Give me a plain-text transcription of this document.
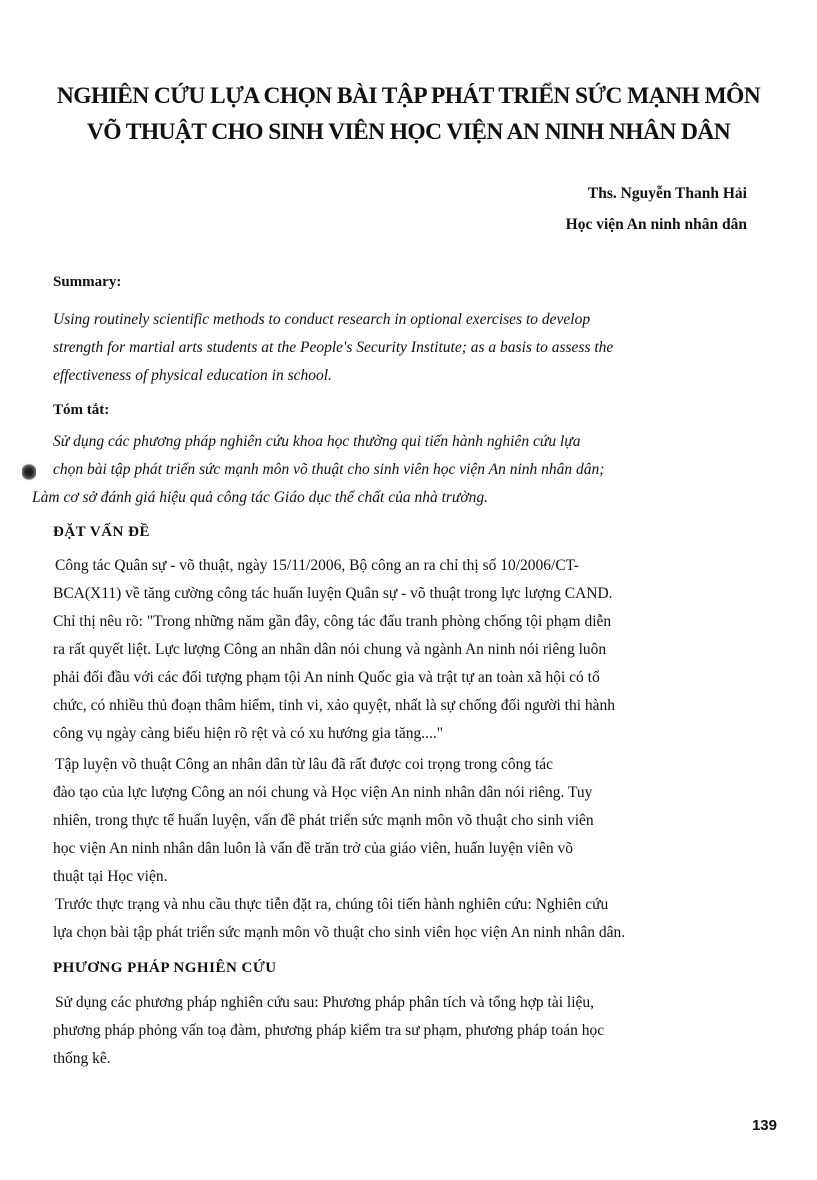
NGHIÊN CỨU LỰA CHỌN BÀI TẬP PHÁT TRIỂN SỨC MẠNH MÔN
VÕ THUẬT CHO SINH VIÊN HỌC VIỆN AN NINH NHÂN DÂN
Ths. Nguyễn Thanh Hải
Học viện An ninh nhân dân
Summary:
Using routinely scientific methods to conduct research in optional exercises to develop
strength for martial arts students at the People's Security Institute; as a basis to assess the
effectiveness of physical education in school.
Tóm tắt:
Sử dụng các phương pháp nghiên cứu khoa học thường qui tiến hành nghiên cứu lựa
chọn bài tập phát triển sức mạnh môn võ thuật cho sinh viên học viện An ninh nhân dân;
Làm cơ sở đánh giá hiệu quả công tác Giáo dục thể chất của nhà trường.
ĐẶT VẤN ĐỀ
Công tác Quân sự - võ thuật, ngày 15/11/2006, Bộ công an ra chỉ thị số 10/2006/CT-
BCA(X11) về tăng cường công tác huấn luyện Quân sự - võ thuật trong lực lượng CAND.
Chỉ thị nêu rõ: "Trong những năm gần đây, công tác đấu tranh phòng chống tội phạm diễn
ra rất quyết liệt. Lực lượng Công an nhân dân nói chung và ngành An ninh nói riêng luôn
phải đối đầu với các đối tượng phạm tội An ninh Quốc gia và trật tự an toàn xã hội có tổ
chức, có nhiều thủ đoạn thâm hiểm, tinh vi, xảo quyệt, nhất là sự chống đối người thi hành
công vụ ngày càng biểu hiện rõ rệt và có xu hướng gia tăng...."
Tập luyện võ thuật Công an nhân dân từ lâu đã rất được coi trọng trong công tác
đào tạo của lực lượng Công an nói chung và Học viện An ninh nhân dân nói riêng. Tuy
nhiên, trong thực tế huấn luyện, vấn đề phát triển sức mạnh môn võ thuật cho sinh viên
học viện An ninh nhân dân luôn là vấn đề trăn trở của giáo viên, huấn luyện viên võ
thuật tại Học viện.
Trước thực trạng và nhu cầu thực tiễn đặt ra, chúng tôi tiến hành nghiên cứu: Nghiên cứu
lựa chọn bài tập phát triển sức mạnh môn võ thuật cho sinh viên học viện An ninh nhân dân.
PHƯƠNG PHÁP NGHIÊN CỨU
Sử dụng các phương pháp nghiên cứu sau: Phương pháp phân tích và tổng hợp tài liệu,
phương pháp phỏng vấn toạ đàm, phương pháp kiểm tra sư phạm, phương pháp toán học
thống kê.
139
